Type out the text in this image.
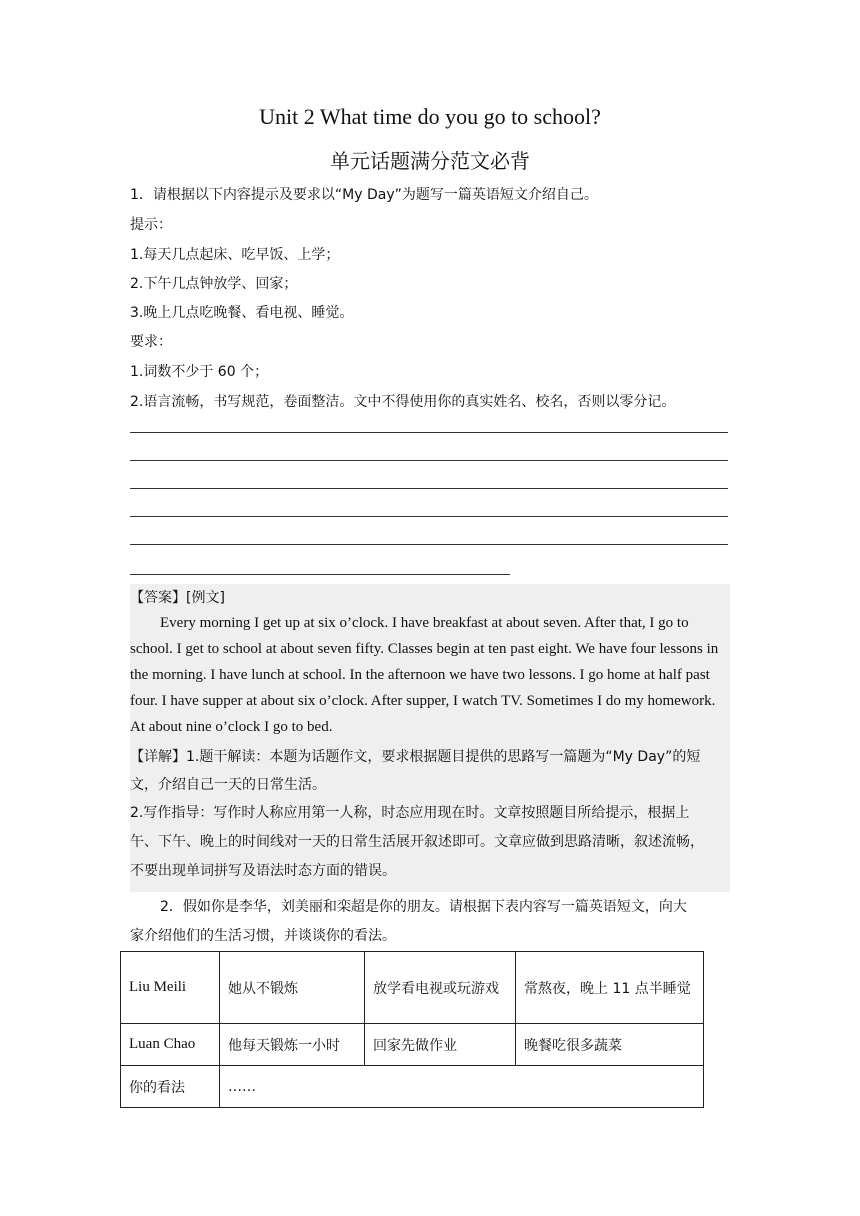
Unit 2 What time do you go to school?
单元话题满分范文必背
1．请根据以下内容提示及要求以“My Day”为题写一篇英语短文介绍自己。
提示：
1.每天几点起床、吃早饭、上学；
2.下午几点钟放学、回家；
3.晚上几点吃晚餐、看电视、睡觉。
要求：
1.词数不少于 60 个；
2.语言流畅，书写规范，卷面整洁。文中不得使用你的真实姓名、校名，否则以零分记。
【答案】[例文]
Every morning I get up at six o’clock. I have breakfast at about seven. After that, I go to
school. I get to school at about seven fifty. Classes begin at ten past eight. We have four lessons in
the morning. I have lunch at school. In the afternoon we have two lessons. I go home at half past
four. I have supper at about six o’clock. After supper, I watch TV. Sometimes I do my homework.
At about nine o’clock I go to bed.
【详解】1.题干解读：本题为话题作文，要求根据题目提供的思路写一篇题为“My Day”的短
文，介绍自己一天的日常生活。
2.写作指导：写作时人称应用第一人称，时态应用现在时。文章按照题目所给提示，根据上
午、下午、晚上的时间线对一天的日常生活展开叙述即可。文章应做到思路清晰，叙述流畅，
不要出现单词拼写及语法时态方面的错误。
2．假如你是李华，刘美丽和栾超是你的朋友。请根据下表内容写一篇英语短文，向大
家介绍他们的生活习惯，并谈谈你的看法。
Liu Meili	她从不锻炼	放学看电视或玩游戏	常熬夜，晚上 11 点半睡觉
Luan Chao	他每天锻炼一小时	回家先做作业	晚餐吃很多蔬菜
你的看法	……		
